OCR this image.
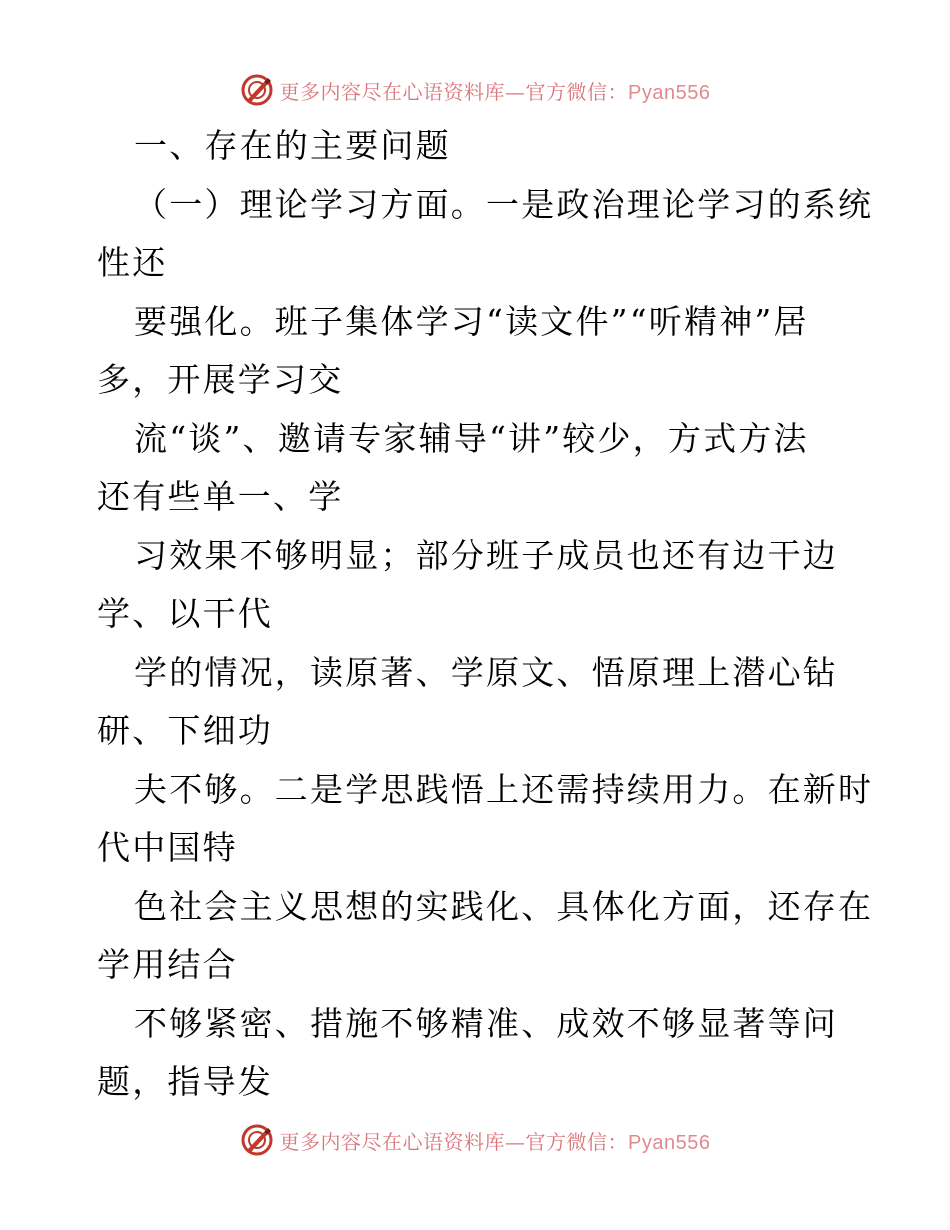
更多内容尽在心语资料库—官方微信：Pyan556
一、存在的主要问题
（一）理论学习方面。一是政治理论学习的系统
性还
要强化。班子集体学习“读文件”“听精神”居
多，开展学习交
流“谈”、邀请专家辅导“讲”较少，方式方法
还有些单一、学
习效果不够明显；部分班子成员也还有边干边
学、以干代
学的情况，读原著、学原文、悟原理上潜心钻
研、下细功
夫不够。二是学思践悟上还需持续用力。在新时
代中国特
色社会主义思想的实践化、具体化方面，还存在
学用结合
不够紧密、措施不够精准、成效不够显著等问
题，指导发
更多内容尽在心语资料库—官方微信：Pyan556
